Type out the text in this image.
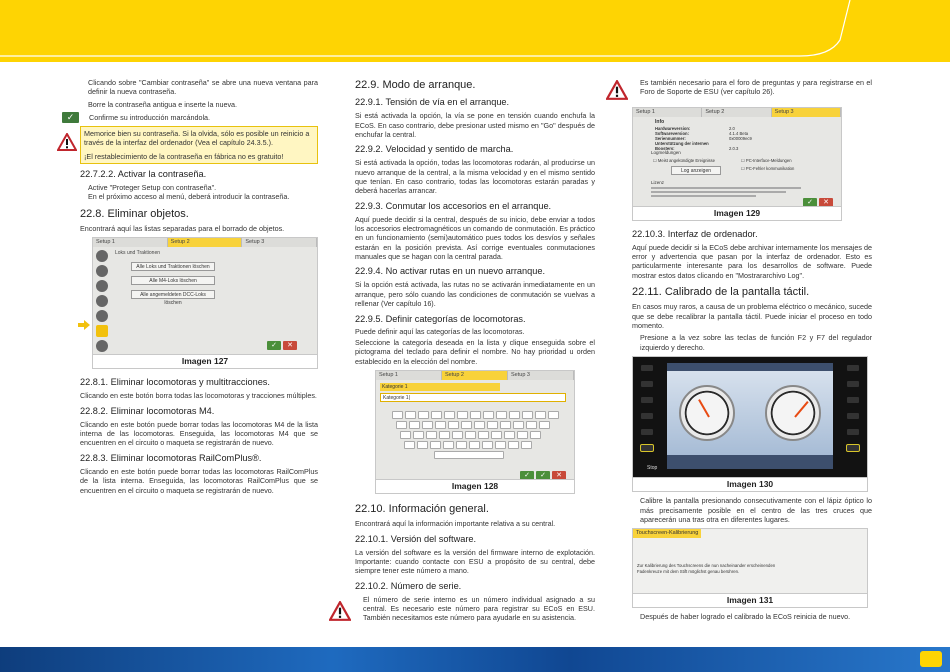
Clicando sobre "Cambiar contraseña" se abre una nueva ventana para definir la nueva contraseña.
Borre la contraseña antigua e inserte la nueva.
✓	Confirme su introducción marcándola.
Memorice bien su contraseña. Si la olvida, sólo es posible un reinicio a través de la interfaz del ordenador (Vea el capítulo 24.3.5.).
¡El restablecimiento de la contraseña en fábrica no es gratuito!
22.7.2.2. Activar la contraseña.
Active "Proteger Setup con contraseña".
En el próximo acceso al menú, deberá introducir la contraseña.
22.8. Eliminar objetos.
Encontrará aquí las listas separadas para el borrado de objetos.
Setup 1	Setup 2	Setup 3
Loks und Traktionen
Alle Loks und Traktionen löschen
Alle M4-Loks löschen
Alle angemeldeten DCC-Loks löschen
✓ ✕
Imagen 127
22.8.1. Eliminar locomotoras y multitracciones.
Clicando en este botón borra todas las locomotoras y tracciones múltiples.
22.8.2. Eliminar locomotoras M4.
Clicando en este botón puede borrar todas las locomotoras M4 de la lista interna de las locomotoras. Enseguida, las locomotoras M4 que se encuentren en el circuito o maqueta se registrarán de nuevo.
22.8.3. Eliminar locomotoras RailComPlus®.
Clicando en este botón puede borrar todas las locomotoras RailComPlus de la lista interna. Enseguida, las locomotoras RailComPlus que se encuentren en el circuito o maqueta se registrarán de nuevo.
22.9. Modo de arranque.
22.9.1. Tensión de vía en el arranque.
Si está activada la opción, la vía se pone en tensión cuando enchufa la ECoS. En caso contrario, debe presionar usted mismo en "Go" después de enchufar la central.
22.9.2. Velocidad y sentido de marcha.
Si está activada la opción, todas las locomotoras rodarán, al producirse un nuevo arranque de la central, a la misma velocidad y en el mismo sentido que tenían. En caso contrario, todas las locomotoras estarán paradas y deberá hacerlas arrancar.
22.9.3. Conmutar los accesorios en el arranque.
Aquí puede decidir si la central, después de su inicio, debe enviar a todos los accesorios electromagnéticos un comando de conmutación. Es práctico en un funcionamiento (semi)automático pues todos los desvíos y señales estarán en la posición prevista. Así corrige eventuales conmutaciones manuales que se hagan con la central parada.
22.9.4. No activar rutas en un nuevo arranque.
Si la opción está activada, las rutas no se activarán inmediatamente en un arranque, pero sólo cuando las condiciones de conmutación se vuelvas a rellenar (Ver capítulo 16).
22.9.5. Definir categorías de locomotoras.
Puede definir aquí las categorías de las locomotoras.
Seleccione la categoría deseada en la lista y clique enseguida sobre el pictograma del teclado para definir el nombre. No hay prioridad u orden establecido en la elección del nombre.
Setup 1	Setup 2	Setup 3
Kategorie 1
Kategorie 1|
✓ ✓ ✕
Imagen 128
22.10. Información general.
Encontrará aquí la información importante relativa a su central.
22.10.1. Versión del software.
La versión del software es la versión del firmware interno de explotación. Importante: cuando contacte con ESU a propósito de su central, debe siempre tener este número a mano.
22.10.2. Número de serie.
El número de serie interno es un número individual asignado a su central. Es necesario este número para registrar su ECoS en ESU. También necesitamos este número para ayudarle en su asistencia.
Es también necesario para el foro de preguntas y para registrarse en el Foro de Soporte de ESU (ver capítulo 26).
Setup 1	Setup 2	Setup 3
Info
Hardwareversion:	2.0
Softwareversion:	4.1.4 Beta
Seriennummer:	0x00009ec9
Unterstützung der internen Boosters:	2.0.3
Logmeldungen
☐ Meist angekündigte Ereignisse	☐ PC-Interface-Meldungen
☐ PC-Fehler kommunikation
Log anzeigen
Lizenz
✓ ✕
Imagen 129
22.10.3. Interfaz de ordenador.
Aquí puede decidir si la ECoS debe archivar internamente los mensajes de error y advertencia que pasan por la interfaz de ordenador. Esto es particularmente interesante para los desarrollos de software. Puede mostrar estos datos clicando en "Mostrararchivo Log".
22.11. Calibrado de la pantalla táctil.
En casos muy raros, a causa de un problema eléctrico o mecánico, sucede que se debe recalibrar la pantalla táctil. Puede iniciar el proceso en todo momento.
Presione a la vez sobre las teclas de función F2 y F7 del regulador izquierdo y derecho.
Stop
Imagen 130
Calibre la pantalla presionando consecutivamente con el lápiz óptico lo más precisamente posible en el centro de las tres cruces que aparecerán una tras otra en diferentes lugares.
Touchscreen-Kalibrierung
Zur Kalibrierung des Touchscreens die nun nacheinander erscheinenden
Fadenkreuze mit dem Stift möglichst genau berühren.
Imagen 131
Después de haber logrado el calibrado la ECoS reinicia de nuevo.
